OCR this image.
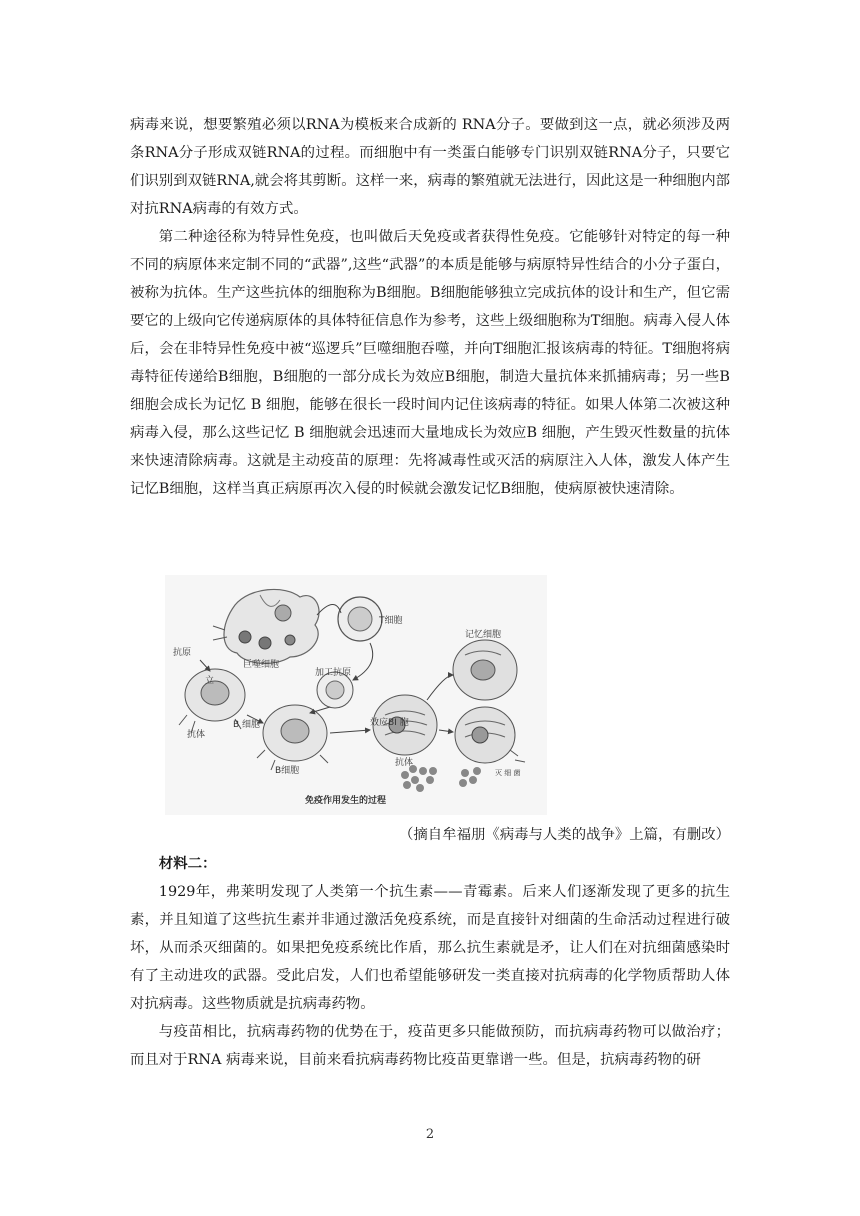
病毒来说，想要繁殖必须以RNA为模板来合成新的 RNA分子。要做到这一点，就必须涉及两条RNA分子形成双链RNA的过程。而细胞中有一类蛋白能够专门识别双链RNA分子，只要它们识别到双链RNA,就会将其剪断。这样一来，病毒的繁殖就无法进行，因此这是一种细胞内部对抗RNA病毒的有效方式。

第二种途径称为特异性免疫，也叫做后天免疫或者获得性免疫。它能够针对特定的每一种不同的病原体来定制不同的“武器”,这些“武器”的本质是能够与病原特异性结合的小分子蛋白，被称为抗体。生产这些抗体的细胞称为B细胞。B细胞能够独立完成抗体的设计和生产，但它需要它的上级向它传递病原体的具体特征信息作为参考，这些上级细胞称为T细胞。病毒入侵人体后，会在非特异性免疫中被“巡逻兵”巨噬细胞吞噬，并向T细胞汇报该病毒的特征。T细胞将病毒特征传递给B细胞，B细胞的一部分成长为效应B细胞，制造大量抗体来抓捕病毒；另一些B细胞会成长为记忆 B 细胞，能够在很长一段时间内记住该病毒的特征。如果人体第二次被这种病毒入侵，那么这些记忆 B 细胞就会迅速而大量地成长为效应B 细胞，产生毁灭性数量的抗体来快速清除病毒。这就是主动疫苗的原理：先将减毒性或灭活的病原注入人体，激发人体产生记忆B细胞，这样当真正病原再次入侵的时候就会激发记忆B细胞，使病原被快速清除。

T细胞
巨噬细胞
加工抗原
记忆细胞
抗原
立
B 细胞	效应BI 胞
抗体
B细胞
抗体
灭 细 菌
免疫作用发生的过程
（摘自牟福朋《病毒与人类的战争》上篇，有删改）

材料二：

1929年，弗莱明发现了人类第一个抗生素——青霉素。后来人们逐渐发现了更多的抗生素，并且知道了这些抗生素并非通过激活免疫系统，而是直接针对细菌的生命活动过程进行破坏，从而杀灭细菌的。如果把免疫系统比作盾，那么抗生素就是矛，让人们在对抗细菌感染时有了主动进攻的武器。受此启发，人们也希望能够研发一类直接对抗病毒的化学物质帮助人体对抗病毒。这些物质就是抗病毒药物。

与疫苗相比，抗病毒药物的优势在于，疫苗更多只能做预防，而抗病毒药物可以做治疗；而且对于RNA 病毒来说，目前来看抗病毒药物比疫苗更靠谱一些。但是，抗病毒药物的研

2
